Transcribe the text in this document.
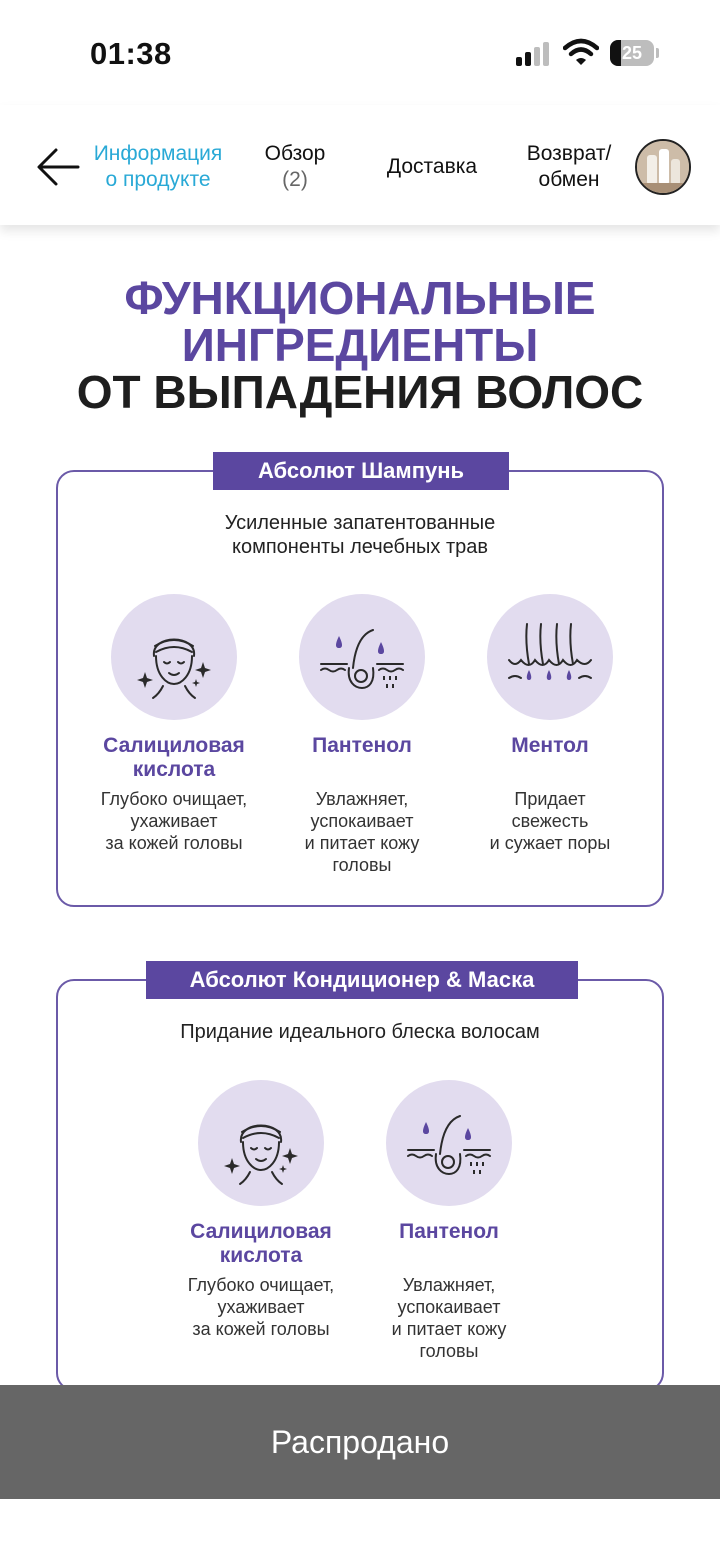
01:38	25
Информация
о продукте
Обзор
(2)
Доставка
Возврат/
обмен
ФУНКЦИОНАЛЬНЫЕ
ИНГРЕДИЕНТЫ
ОТ ВЫПАДЕНИЯ ВОЛОС
Абсолют Шампунь
Усиленные запатентованные
компоненты лечебных трав
Салициловая
кислота
Глубоко очищает,
ухаживает
за кожей головы
Пантенол
Увлажняет,
успокаивает
и питает кожу
головы
Ментол
Придает
свежесть
и сужает поры
Абсолют Кондиционер & Маска
Придание идеального блеска волосам
Салициловая
кислота
Глубоко очищает,
ухаживает
за кожей головы
Пантенол
Увлажняет,
успокаивает
и питает кожу
головы
Распродано
